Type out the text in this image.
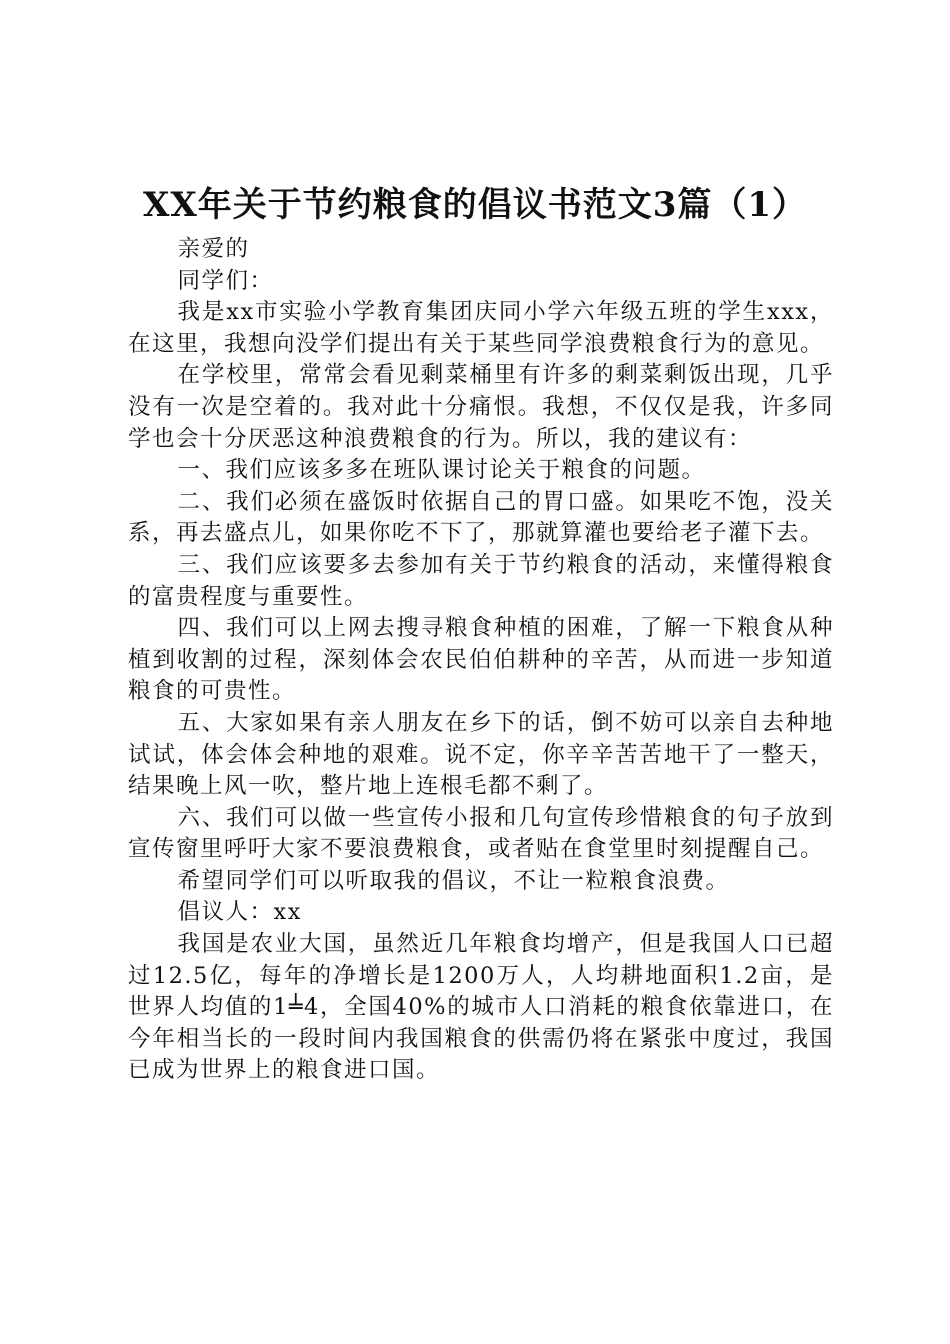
XX年关于节约粮食的倡议书范文3篇（1）

亲爱的

同学们：

我是xx市实验小学教育集团庆同小学六年级五班的学生xxx，在这里，我想向没学们提出有关于某些同学浪费粮食行为的意见。

在学校里，常常会看见剩菜桶里有许多的剩菜剩饭出现，几乎没有一次是空着的。我对此十分痛恨。我想，不仅仅是我，许多同学也会十分厌恶这种浪费粮食的行为。所以，我的建议有：

一、我们应该多多在班队课讨论关于粮食的问题。

二、我们必须在盛饭时依据自己的胃口盛。如果吃不饱，没关系，再去盛点儿，如果你吃不下了，那就算灌也要给老子灌下去。

三、我们应该要多去参加有关于节约粮食的活动，来懂得粮食的富贵程度与重要性。

四、我们可以上网去搜寻粮食种植的困难，了解一下粮食从种植到收割的过程，深刻体会农民伯伯耕种的辛苦，从而进一步知道粮食的可贵性。

五、大家如果有亲人朋友在乡下的话，倒不妨可以亲自去种地试试，体会体会种地的艰难。说不定，你辛辛苦苦地干了一整天，结果晚上风一吹，整片地上连根毛都不剩了。

六、我们可以做一些宣传小报和几句宣传珍惜粮食的句子放到宣传窗里呼吁大家不要浪费粮食，或者贴在食堂里时刻提醒自己。

希望同学们可以听取我的倡议，不让一粒粮食浪费。

倡议人：xx

我国是农业大国，虽然近几年粮食均增产，但是我国人口已超过12.5亿，每年的净增长是1200万人，人均耕地面积1.2亩，是世界人均值的1╧4，全国40%的城市人口消耗的粮食依靠进口，在今年相当长的一段时间内我国粮食的供需仍将在紧张中度过，我国已成为世界上的粮食进口国。
